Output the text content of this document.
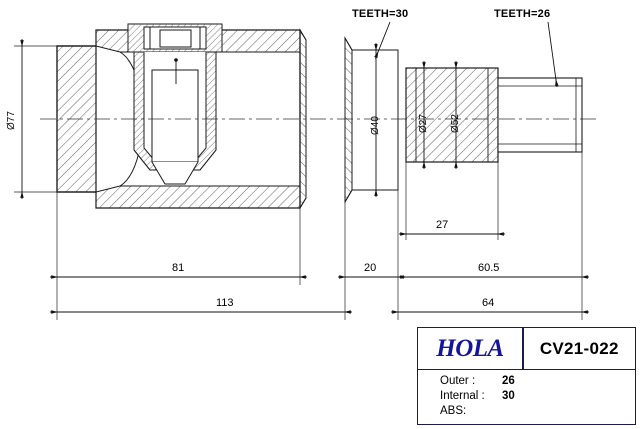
TEETH=30	TEETH=26
Ø77	Ø40	Ø27 Ø52
81
113
20
27
60.5
64
HOLA	CV21-022
Outer :	26
Internal :	30
ABS:
